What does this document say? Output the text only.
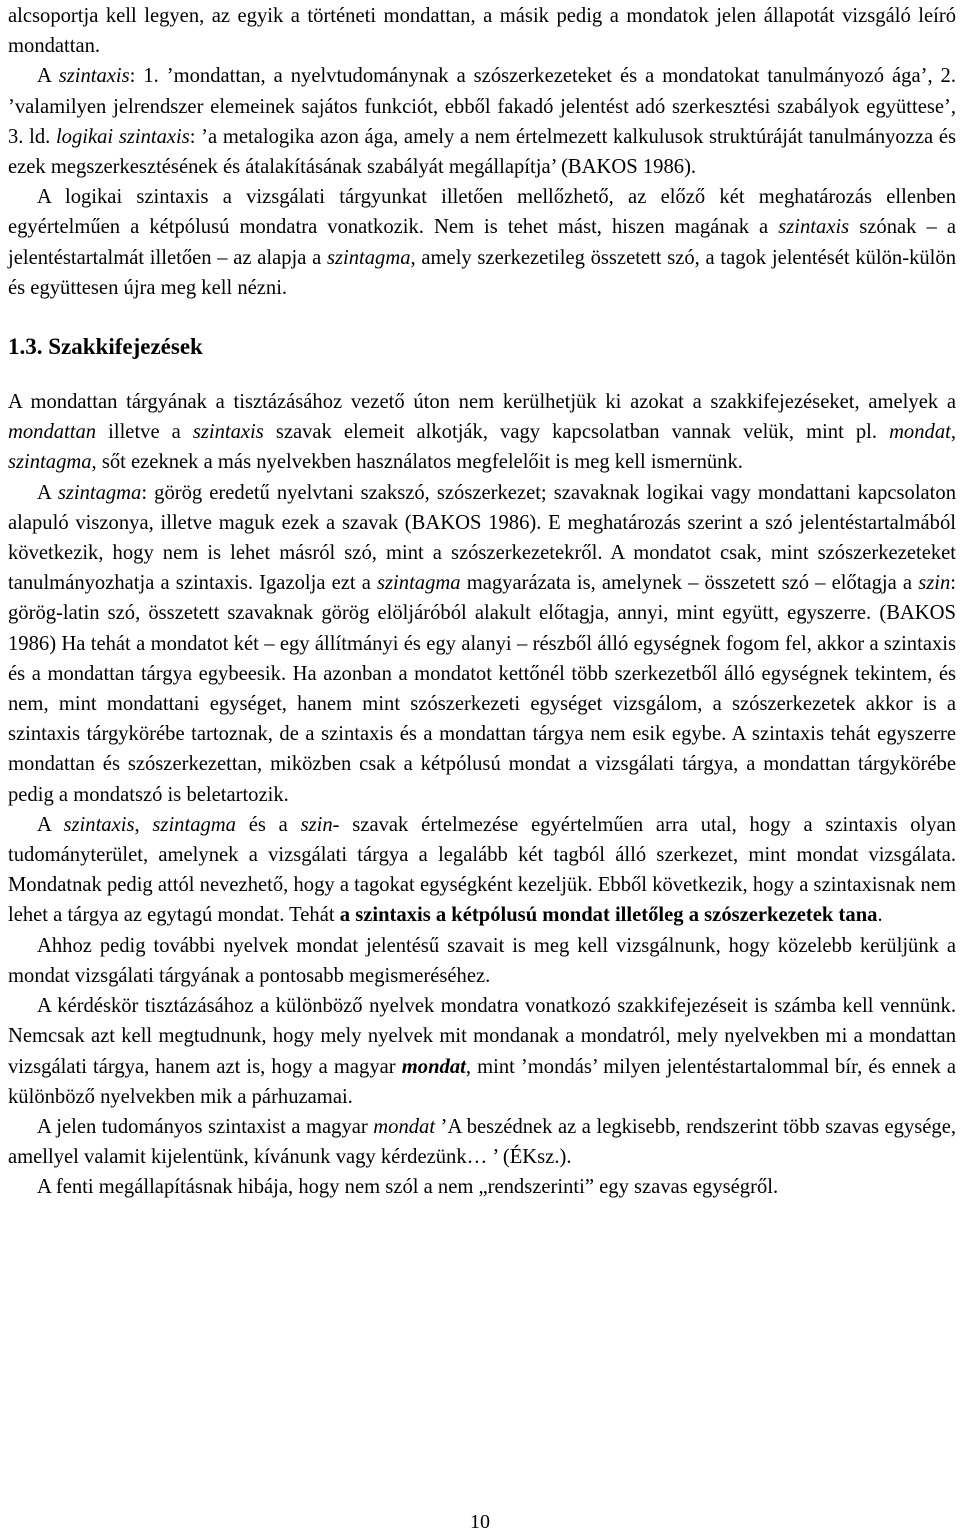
alcsoportja kell legyen, az egyik a történeti mondattan, a másik pedig a mondatok jelen állapotát vizsgáló leíró mondattan.

A szintaxis: 1. ’mondattan, a nyelvtudománynak a szószerkezeteket és a mondatokat tanulmányozó ága’, 2. ’valamilyen jelrendszer elemeinek sajátos funkciót, ebből fakadó jelentést adó szerkesztési szabályok együttese’, 3. ld. logikai szintaxis: ’a metalogika azon ága, amely a nem értelmezett kalkulusok struktúráját tanulmányozza és ezek megszerkesztésének és átalakításának szabályát megállapítja’ (BAKOS 1986).

A logikai szintaxis a vizsgálati tárgyunkat illetően mellőzhető, az előző két meghatározás ellenben egyértelműen a kétpólusú mondatra vonatkozik. Nem is tehet mást, hiszen magának a szintaxis szónak – a jelentéstartalmát illetően – az alapja a szintagma, amely szerkezetileg összetett szó, a tagok jelentését külön-külön és együttesen újra meg kell nézni.

1.3. Szakkifejezések

A mondattan tárgyának a tisztázásához vezető úton nem kerülhetjük ki azokat a szakkifejezéseket, amelyek a mondattan illetve a szintaxis szavak elemeit alkotják, vagy kapcsolatban vannak velük, mint pl. mondat, szintagma, sőt ezeknek a más nyelvekben használatos megfelelőit is meg kell ismernünk.

A szintagma: görög eredetű nyelvtani szakszó, szószerkezet; szavaknak logikai vagy mondattani kapcsolaton alapuló viszonya, illetve maguk ezek a szavak (BAKOS 1986). E meghatározás szerint a szó jelentéstartalmából következik, hogy nem is lehet másról szó, mint a szószerkezetekről. A mondatot csak, mint szószerkezeteket tanulmányozhatja a szintaxis. Igazolja ezt a szintagma magyarázata is, amelynek – összetett szó – előtagja a szin: görög-latin szó, összetett szavaknak görög elöljáróból alakult előtagja, annyi, mint együtt, egyszerre. (BAKOS 1986) Ha tehát a mondatot két – egy állítmányi és egy alanyi – részből álló egységnek fogom fel, akkor a szintaxis és a mondattan tárgya egybeesik. Ha azonban a mondatot kettőnél több szerkezetből álló egységnek tekintem, és nem, mint mondattani egységet, hanem mint szószerkezeti egységet vizsgálom, a szószerkezetek akkor is a szintaxis tárgykörébe tartoznak, de a szintaxis és a mondattan tárgya nem esik egybe. A szintaxis tehát egyszerre mondattan és szószerkezettan, miközben csak a kétpólusú mondat a vizsgálati tárgya, a mondattan tárgykörébe pedig a mondatszó is beletartozik.

A szintaxis, szintagma és a szin- szavak értelmezése egyértelműen arra utal, hogy a szintaxis olyan tudományterület, amelynek a vizsgálati tárgya a legalább két tagból álló szerkezet, mint mondat vizsgálata. Mondatnak pedig attól nevezhető, hogy a tagokat egységként kezeljük. Ebből következik, hogy a szintaxisnak nem lehet a tárgya az egytagú mondat. Tehát a szintaxis a kétpólusú mondat illetőleg a szószerkezetek tana.

Ahhoz pedig további nyelvek mondat jelentésű szavait is meg kell vizsgálnunk, hogy közelebb kerüljünk a mondat vizsgálati tárgyának a pontosabb megismeréséhez.

A kérdéskör tisztázásához a különböző nyelvek mondatra vonatkozó szakkifejezéseit is számba kell vennünk. Nemcsak azt kell megtudnunk, hogy mely nyelvek mit mondanak a mondatról, mely nyelvekben mi a mondattan vizsgálati tárgya, hanem azt is, hogy a magyar mondat, mint ’mondás’ milyen jelentéstartalommal bír, és ennek a különböző nyelvekben mik a párhuzamai.

A jelen tudományos szintaxist a magyar mondat ’A beszédnek az a legkisebb, rendszerint több szavas egysége, amellyel valamit kijelentünk, kívánunk vagy kérdezünk… ’ (ÉKsz.).

A fenti megállapításnak hibája, hogy nem szól a nem „rendszerinti” egy szavas egységről.

10
